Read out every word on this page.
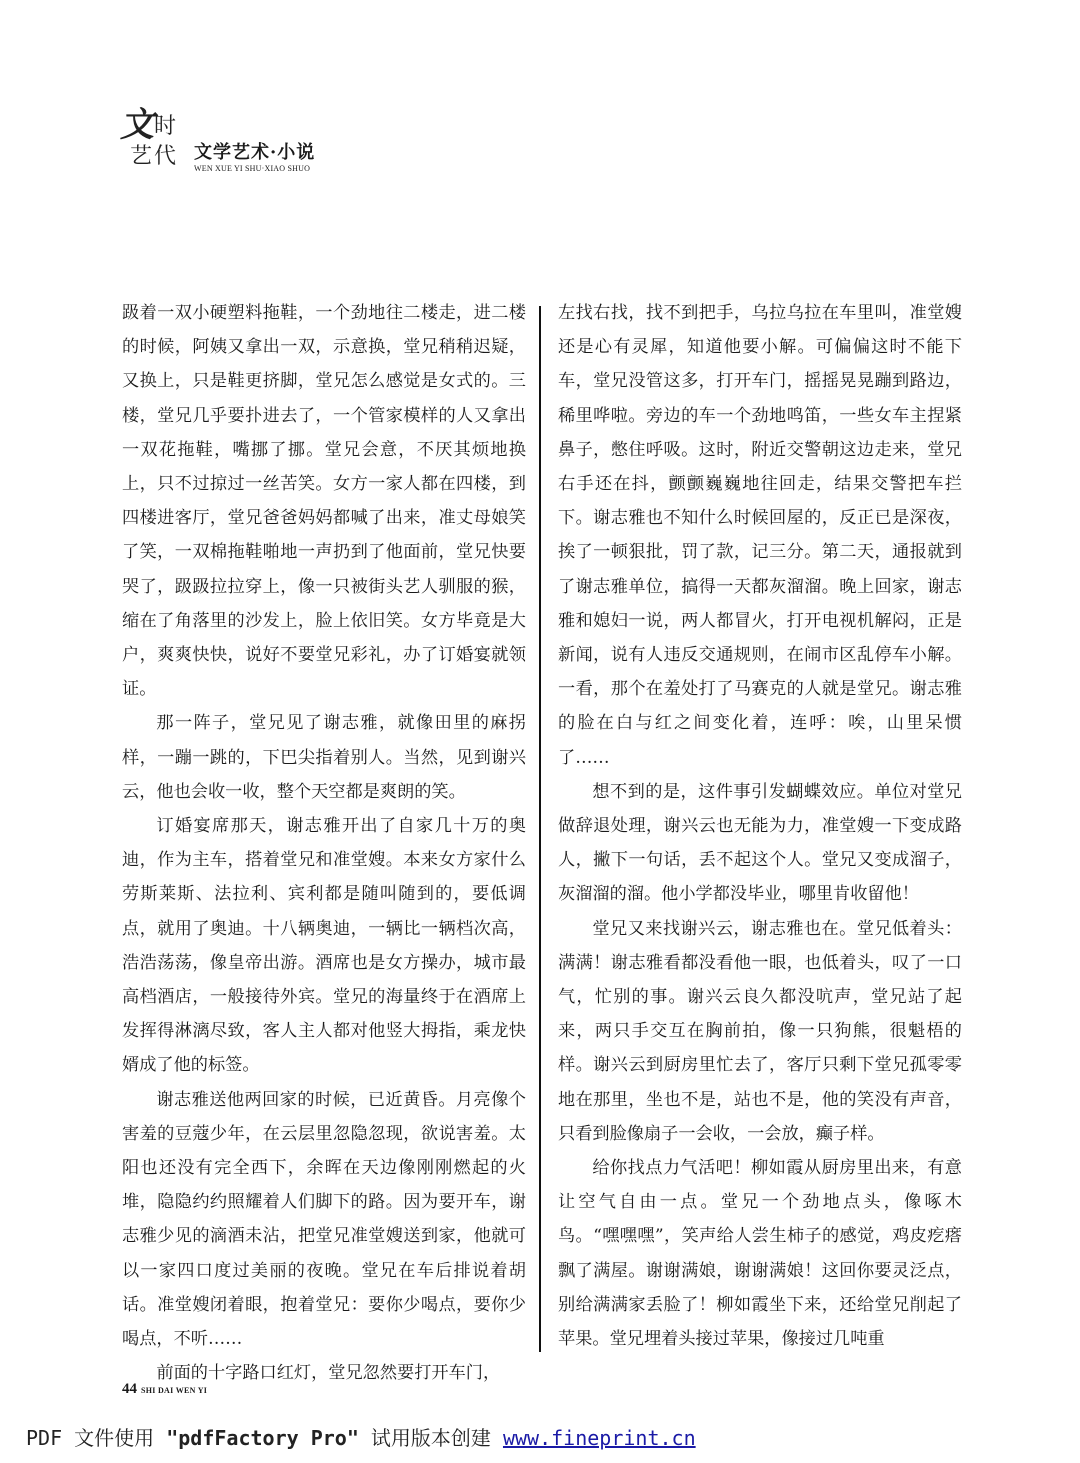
文 时
艺 代 文学艺术·小说
WEN XUE YI SHU·XIAO SHUO

趿着一双小硬塑料拖鞋，一个劲地往二楼走，进二楼的时候，阿姨又拿出一双，示意换，堂兄稍稍迟疑，又换上，只是鞋更挤脚，堂兄怎么感觉是女式的。三楼，堂兄几乎要扑进去了，一个管家模样的人又拿出一双花拖鞋，嘴挪了挪。堂兄会意，不厌其烦地换上，只不过掠过一丝苦笑。女方一家人都在四楼，到四楼进客厅，堂兄爸爸妈妈都喊了出来，准丈母娘笑了笑，一双棉拖鞋啪地一声扔到了他面前，堂兄快要哭了，趿趿拉拉穿上，像一只被街头艺人驯服的猴，缩在了角落里的沙发上，脸上依旧笑。女方毕竟是大户，爽爽快快，说好不要堂兄彩礼，办了订婚宴就领证。

那一阵子，堂兄见了谢志雅，就像田里的麻拐样，一蹦一跳的，下巴尖指着别人。当然，见到谢兴云，他也会收一收，整个天空都是爽朗的笑。

订婚宴席那天，谢志雅开出了自家几十万的奥迪，作为主车，搭着堂兄和准堂嫂。本来女方家什么劳斯莱斯、法拉利、宾利都是随叫随到的，要低调点，就用了奥迪。十八辆奥迪，一辆比一辆档次高，浩浩荡荡，像皇帝出游。酒席也是女方操办，城市最高档酒店，一般接待外宾。堂兄的海量终于在酒席上发挥得淋漓尽致，客人主人都对他竖大拇指，乘龙快婿成了他的标签。

谢志雅送他两回家的时候，已近黄昏。月亮像个害羞的豆蔻少年，在云层里忽隐忽现，欲说害羞。太阳也还没有完全西下，余晖在天边像刚刚燃起的火堆，隐隐约约照耀着人们脚下的路。因为要开车，谢志雅少见的滴酒未沾，把堂兄准堂嫂送到家，他就可以一家四口度过美丽的夜晚。堂兄在车后排说着胡话。准堂嫂闭着眼，抱着堂兄：要你少喝点，要你少喝点，不听……

前面的十字路口红灯，堂兄忽然要打开车门，

左找右找，找不到把手，乌拉乌拉在车里叫，准堂嫂还是心有灵犀，知道他要小解。可偏偏这时不能下车，堂兄没管这多，打开车门，摇摇晃晃蹦到路边，稀里哗啦。旁边的车一个劲地鸣笛，一些女车主捏紧鼻子，憋住呼吸。这时，附近交警朝这边走来，堂兄右手还在抖，颤颤巍巍地往回走，结果交警把车拦下。谢志雅也不知什么时候回屋的，反正已是深夜，挨了一顿狠批，罚了款，记三分。第二天，通报就到了谢志雅单位，搞得一天都灰溜溜。晚上回家，谢志雅和媳妇一说，两人都冒火，打开电视机解闷，正是新闻，说有人违反交通规则，在闹市区乱停车小解。一看，那个在羞处打了马赛克的人就是堂兄。谢志雅的脸在白与红之间变化着，连呼：唉，山里呆惯了……

想不到的是，这件事引发蝴蝶效应。单位对堂兄做辞退处理，谢兴云也无能为力，准堂嫂一下变成路人，撇下一句话，丢不起这个人。堂兄又变成溜子，灰溜溜的溜。他小学都没毕业，哪里肯收留他！

堂兄又来找谢兴云，谢志雅也在。堂兄低着头：满满！谢志雅看都没看他一眼，也低着头，叹了一口气，忙别的事。谢兴云良久都没吭声，堂兄站了起来，两只手交互在胸前拍，像一只狗熊，很魁梧的样。谢兴云到厨房里忙去了，客厅只剩下堂兄孤零零地在那里，坐也不是，站也不是，他的笑没有声音，只看到脸像扇子一会收，一会放，癫子样。

给你找点力气活吧！柳如霞从厨房里出来，有意让空气自由一点。堂兄一个劲地点头，像啄木鸟。“嘿嘿嘿”，笑声给人尝生柿子的感觉，鸡皮疙瘩飘了满屋。谢谢满娘，谢谢满娘！这回你要灵泛点，别给满满家丢脸了！柳如霞坐下来，还给堂兄削起了苹果。堂兄埋着头接过苹果，像接过几吨重

44 SHI DAI WEN YI
PDF 文件使用 "pdfFactory Pro" 试用版本创建 www.fineprint.cn
